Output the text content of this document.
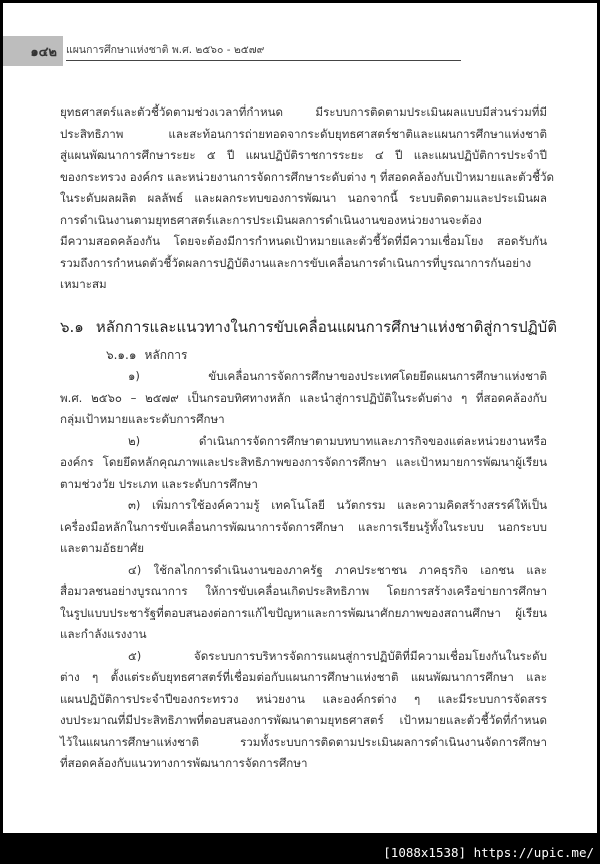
๑๔๒ แผนการศึกษาแห่งชาติ พ.ศ. ๒๕๖๐ - ๒๕๗๙

ยุทธศาสตร์และตัวชี้วัดตามช่วงเวลาที่กำหนด มีระบบการติดตามประเมินผลแบบมีส่วนร่วมที่มี
ประสิทธิภาพ และสะท้อนการถ่ายทอดจากระดับยุทธศาสตร์ชาติและแผนการศึกษาแห่งชาติ
สู่แผนพัฒนาการศึกษาระยะ ๕ ปี แผนปฏิบัติราชการระยะ ๔ ปี และแผนปฏิบัติการประจำปี
ของกระทรวง องค์กร และหน่วยงานการจัดการศึกษาระดับต่าง ๆ ที่สอดคล้องกับเป้าหมายและตัวชี้วัด
ในระดับผลผลิต ผลลัพธ์ และผลกระทบของการพัฒนา นอกจากนี้ ระบบติดตามและประเมินผล
การดำเนินงานตามยุทธศาสตร์และการประเมินผลการดำเนินงานของหน่วยงานจะต้อง
มีความสอดคล้องกัน โดยจะต้องมีการกำหนดเป้าหมายและตัวชี้วัดที่มีความเชื่อมโยง สอดรับกัน
รวมถึงการกำหนดตัวชี้วัดผลการปฏิบัติงานและการขับเคลื่อนการดำเนินการที่บูรณาการกันอย่าง
เหมาะสม

๖.๑ หลักการและแนวทางในการขับเคลื่อนแผนการศึกษาแห่งชาติสู่การปฏิบัติ
๖.๑.๑ หลักการ

๑) ขับเคลื่อนการจัดการศึกษาของประเทศโดยยึดแผนการศึกษาแห่งชาติ
พ.ศ. ๒๕๖๐ – ๒๕๗๙ เป็นกรอบทิศทางหลัก และนำสู่การปฏิบัติในระดับต่าง ๆ ที่สอดคล้องกับ
กลุ่มเป้าหมายและระดับการศึกษา

๒) ดำเนินการจัดการศึกษาตามบทบาทและภารกิจของแต่ละหน่วยงานหรือ
องค์กร โดยยึดหลักคุณภาพและประสิทธิภาพของการจัดการศึกษา และเป้าหมายการพัฒนาผู้เรียน
ตามช่วงวัย ประเภท และระดับการศึกษา

๓) เพิ่มการใช้องค์ความรู้ เทคโนโลยี นวัตกรรม และความคิดสร้างสรรค์ให้เป็น
เครื่องมือหลักในการขับเคลื่อนการพัฒนาการจัดการศึกษา และการเรียนรู้ทั้งในระบบ นอกระบบ
และตามอัธยาศัย

๔) ใช้กลไกการดำเนินงานของภาครัฐ ภาคประชาชน ภาคธุรกิจ เอกชน และ
สื่อมวลชนอย่างบูรณาการ ให้การขับเคลื่อนเกิดประสิทธิภาพ โดยการสร้างเครือข่ายการศึกษา
ในรูปแบบประชารัฐที่ตอบสนองต่อการแก้ไขปัญหาและการพัฒนาศักยภาพของสถานศึกษา ผู้เรียน
และกำลังแรงงาน

๕) จัดระบบการบริหารจัดการแผนสู่การปฏิบัติที่มีความเชื่อมโยงกันในระดับ
ต่าง ๆ ตั้งแต่ระดับยุทธศาสตร์ที่เชื่อมต่อกับแผนการศึกษาแห่งชาติ แผนพัฒนาการศึกษา และ
แผนปฏิบัติการประจำปีของกระทรวง หน่วยงาน และองค์กรต่าง ๆ และมีระบบการจัดสรร
งบประมาณที่มีประสิทธิภาพที่ตอบสนองการพัฒนาตามยุทธศาสตร์ เป้าหมายและตัวชี้วัดที่กำหนด
ไว้ในแผนการศึกษาแห่งชาติ รวมทั้งระบบการติดตามประเมินผลการดำเนินงานจัดการศึกษา
ที่สอดคล้องกับแนวทางการพัฒนาการจัดการศึกษา

[1088x1538] https://upic.me/
